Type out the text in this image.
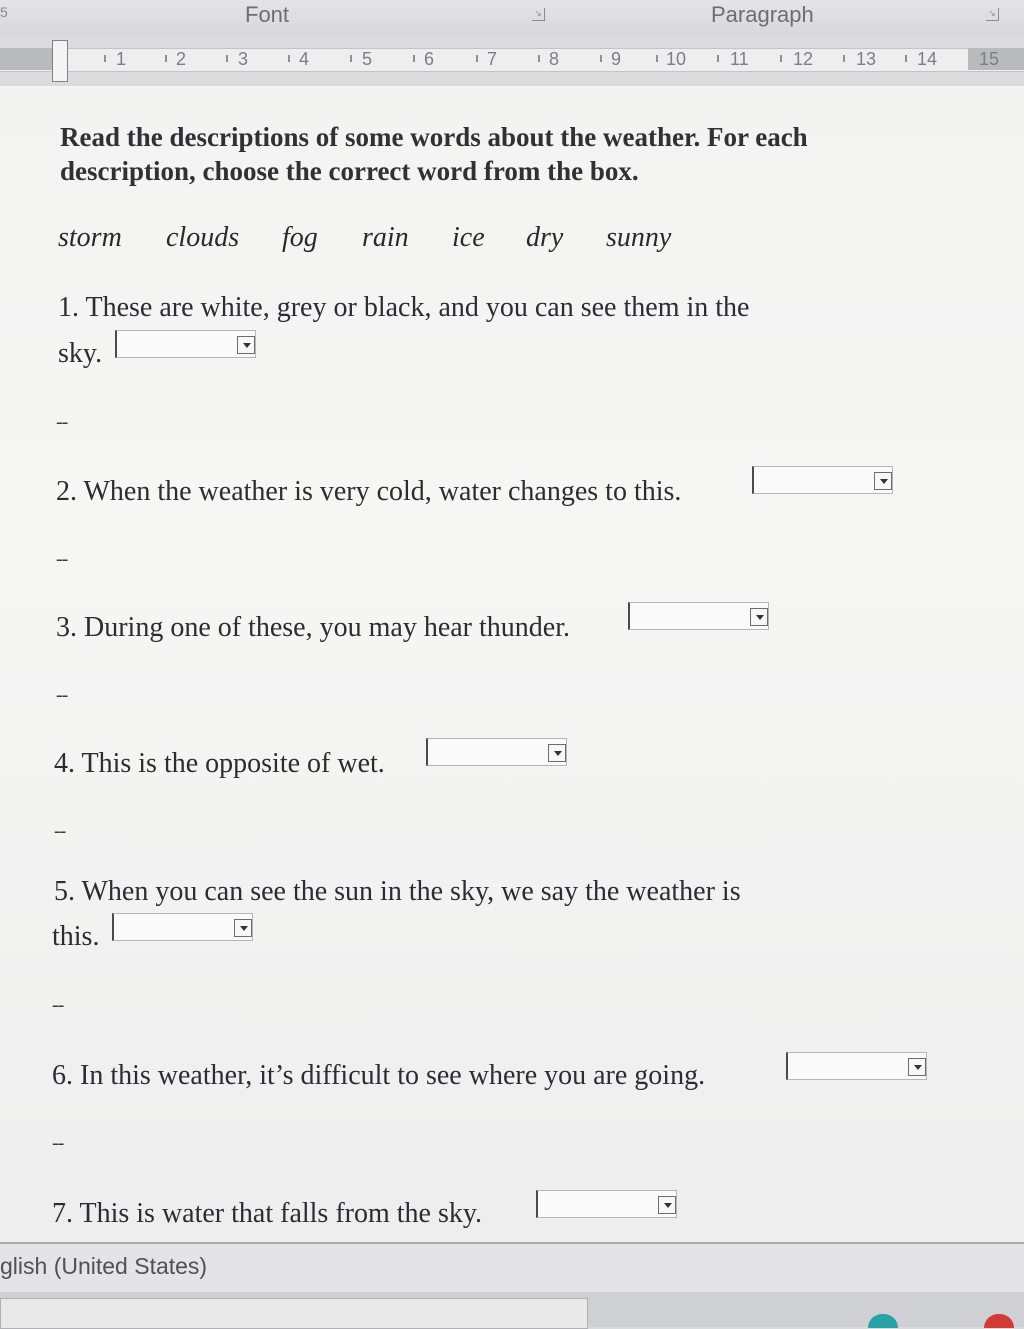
5	Font	↘	Paragraph	↘
1	2	3	4	5	6	7	8	9 10 11 12 13 14 15
Read the descriptions of some words about the weather. For each description, choose the correct word from the box.
storm clouds fog rain ice dry sunny
1. These are white, grey or black, and you can see them in the
sky.
--
2. When the weather is very cold, water changes to this.
--
3. During one of these, you may hear thunder.
--
4. This is the opposite of wet.
--
5. When you can see the sun in the sky, we say the weather is
this.
--
6. In this weather, it’s difficult to see where you are going.
--
7. This is water that falls from the sky.
glish (United States)
